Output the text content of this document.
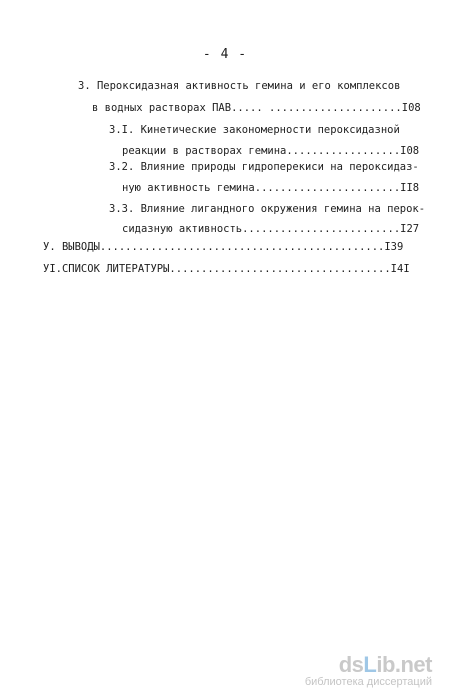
- 4 -
3. Пероксидазная активность гемина и его комплексов
в водных растворах ПАВ..... .....................I08
3.I. Кинетические закономерности пероксидазной
реакции в растворах гемина..................I08
3.2. Влияние природы гидроперекиси на пероксидаз-
ную активность гемина.......................II8
3.3. Влияние лигандного окружения гемина на перок-
сидазную активность.........................I27
У. ВЫВОДЫ.............................................I39
УI.СПИСОК ЛИТЕРАТУРЫ...................................I4I
dsLib.net
библиотека диссертаций
